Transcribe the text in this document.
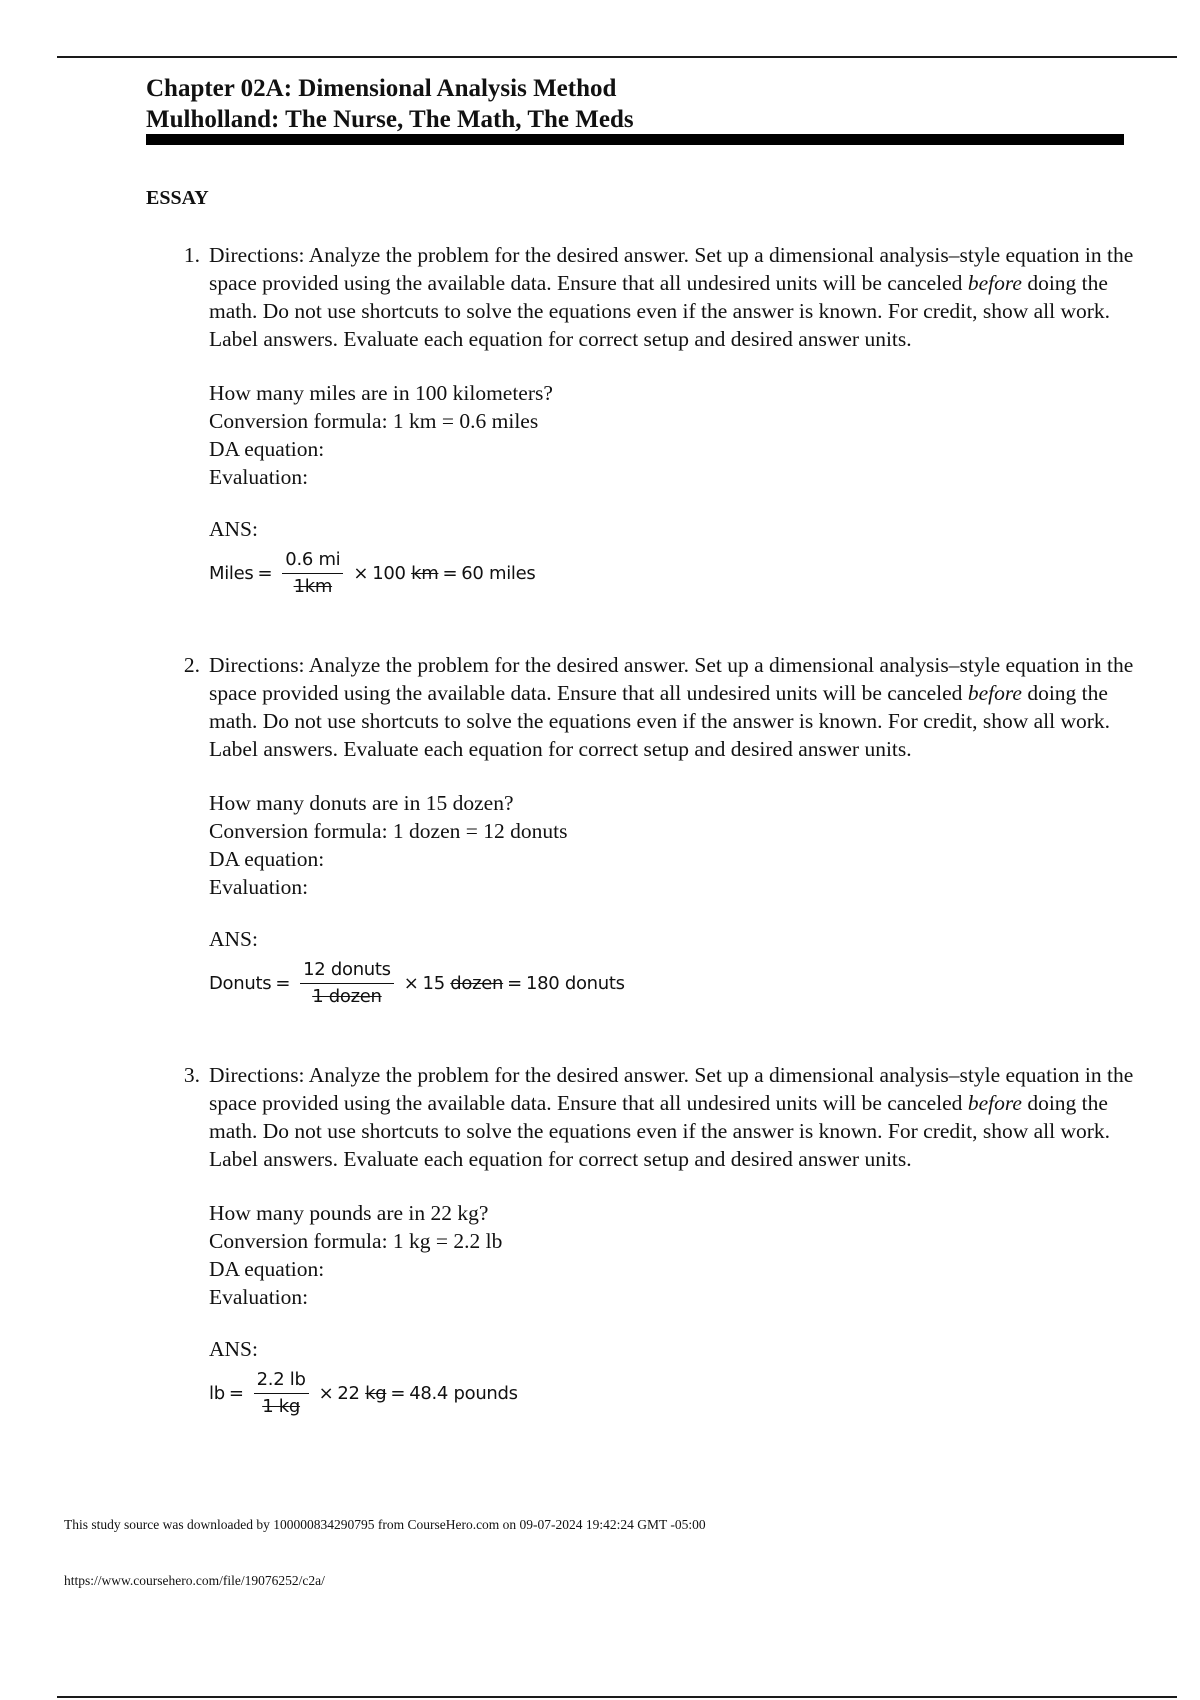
Chapter 02A: Dimensional Analysis Method
Mulholland: The Nurse, The Math, The Meds
ESSAY
1. Directions: Analyze the problem for the desired answer. Set up a dimensional analysis–style equation in the space provided using the available data. Ensure that all undesired units will be canceled before doing the math. Do not use shortcuts to solve the equations even if the answer is known. For credit, show all work. Label answers. Evaluate each equation for correct setup and desired answer units.
How many miles are in 100 kilometers?
Conversion formula: 1 km = 0.6 miles
DA equation:
Evaluation:
ANS:
Miles = $\frac{0.6 mi}{1km} \times 100$
km = 60 miles
2. Directions: Analyze the problem for the desired answer. Set up a dimensional analysis–style equation in the space provided using the available data. Ensure that all undesired units will be canceled before doing the math. Do not use shortcuts to solve the equations even if the answer is known. For credit, show all work. Label answers. Evaluate each equation for correct setup and desired answer units.
How many donuts are in 15 dozen?
Conversion formula: 1 dozen = 12 donuts
DA equation:
Evaluation:
ANS:
Donuts = $\frac{\text{12 donuts}}{\text{1 dozen}} \times 15$
dozen = 180 donuts
3. Directions: Analyze the problem for the desired answer. Set up a dimensional analysis–style equation in the space provided using the available data. Ensure that all undesired units will be canceled before doing the math. Do not use shortcuts to solve the equations even if the answer is known. For credit, show all work. Label answers. Evaluate each equation for correct setup and desired answer units.
How many pounds are in 22 kg?
Conversion formula: 1 kg = 2.2 lb
DA equation:
Evaluation:
ANS:
lb = $\frac{2.2 lb}{1 kg} \times 22$
kg = 48.4 pounds
This study source was downloaded by 100000834290795 from CourseHero.com on 09-07-2024 19:42:24 GMT -05:00
https://www.coursehero.com/file/19076252/c2a/
